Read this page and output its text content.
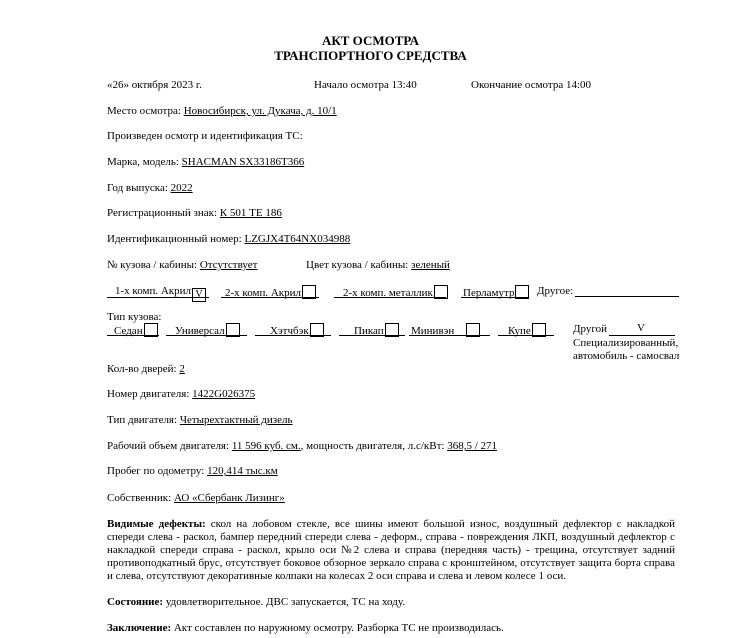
АКТ ОСМОТРА
ТРАНСПОРТНОГО СРЕДСТВА
«26» октября 2023 г.	Начало осмотра 13:40	Окончание осмотра 14:00
Место осмотра: Новосибирск, ул. Дукача, д. 10/1
Произведен осмотр и идентификация ТС:
Марка, модель: SHACMAN SX33186T366
Год выпуска: 2022
Регистрационный знак: К 501 ТЕ 186
Идентификационный номер: LZGJX4T64NX034988
№ кузова / кабины: Отсутствует	Цвет кузова / кабины: зеленый
1-х комп. Акрил V	2-х комп. Акрил	2-х комп. металлик	Перламутр	Другое:
Тип кузова:
Седан	Универсал	Хэтчбэк	Пикап	Минивэн	Купе	Другой	V
Специализированный,
автомобиль - самосвал
Кол-во дверей: 2
Номер двигателя: 1422G026375
Тип двигателя: Четырехтактный дизель
Рабочий объем двигателя: 11 596 куб. см., мощность двигателя, л.с/кВт: 368,5 / 271
Пробег по одометру: 120,414 тыс.км
Собственник: АО «Сбербанк Лизинг»
Видимые дефекты: скол на лобовом стекле, все шины имеют большой износ, воздушный дефлектор с накладкой спереди слева - раскол, бампер передний спереди слева - деформ., справа - повреждения ЛКП, воздушный дефлектор с накладкой спереди справа - раскол, крыло оси №2 слева и справа (передняя часть) - трещина, отсутствует задний противоподкатный брус, отсутствует боковое обзорное зеркало справа с кронштейном, отсутствует защита борта справа и слева, отсутствуют декоративные колпаки на колесах 2 оси справа и слева и левом колесе 1 оси.
Состояние: удовлетворительное. ДВС запускается, ТС на ходу.
Заключение: Акт составлен по наружному осмотру. Разборка ТС не производилась.
